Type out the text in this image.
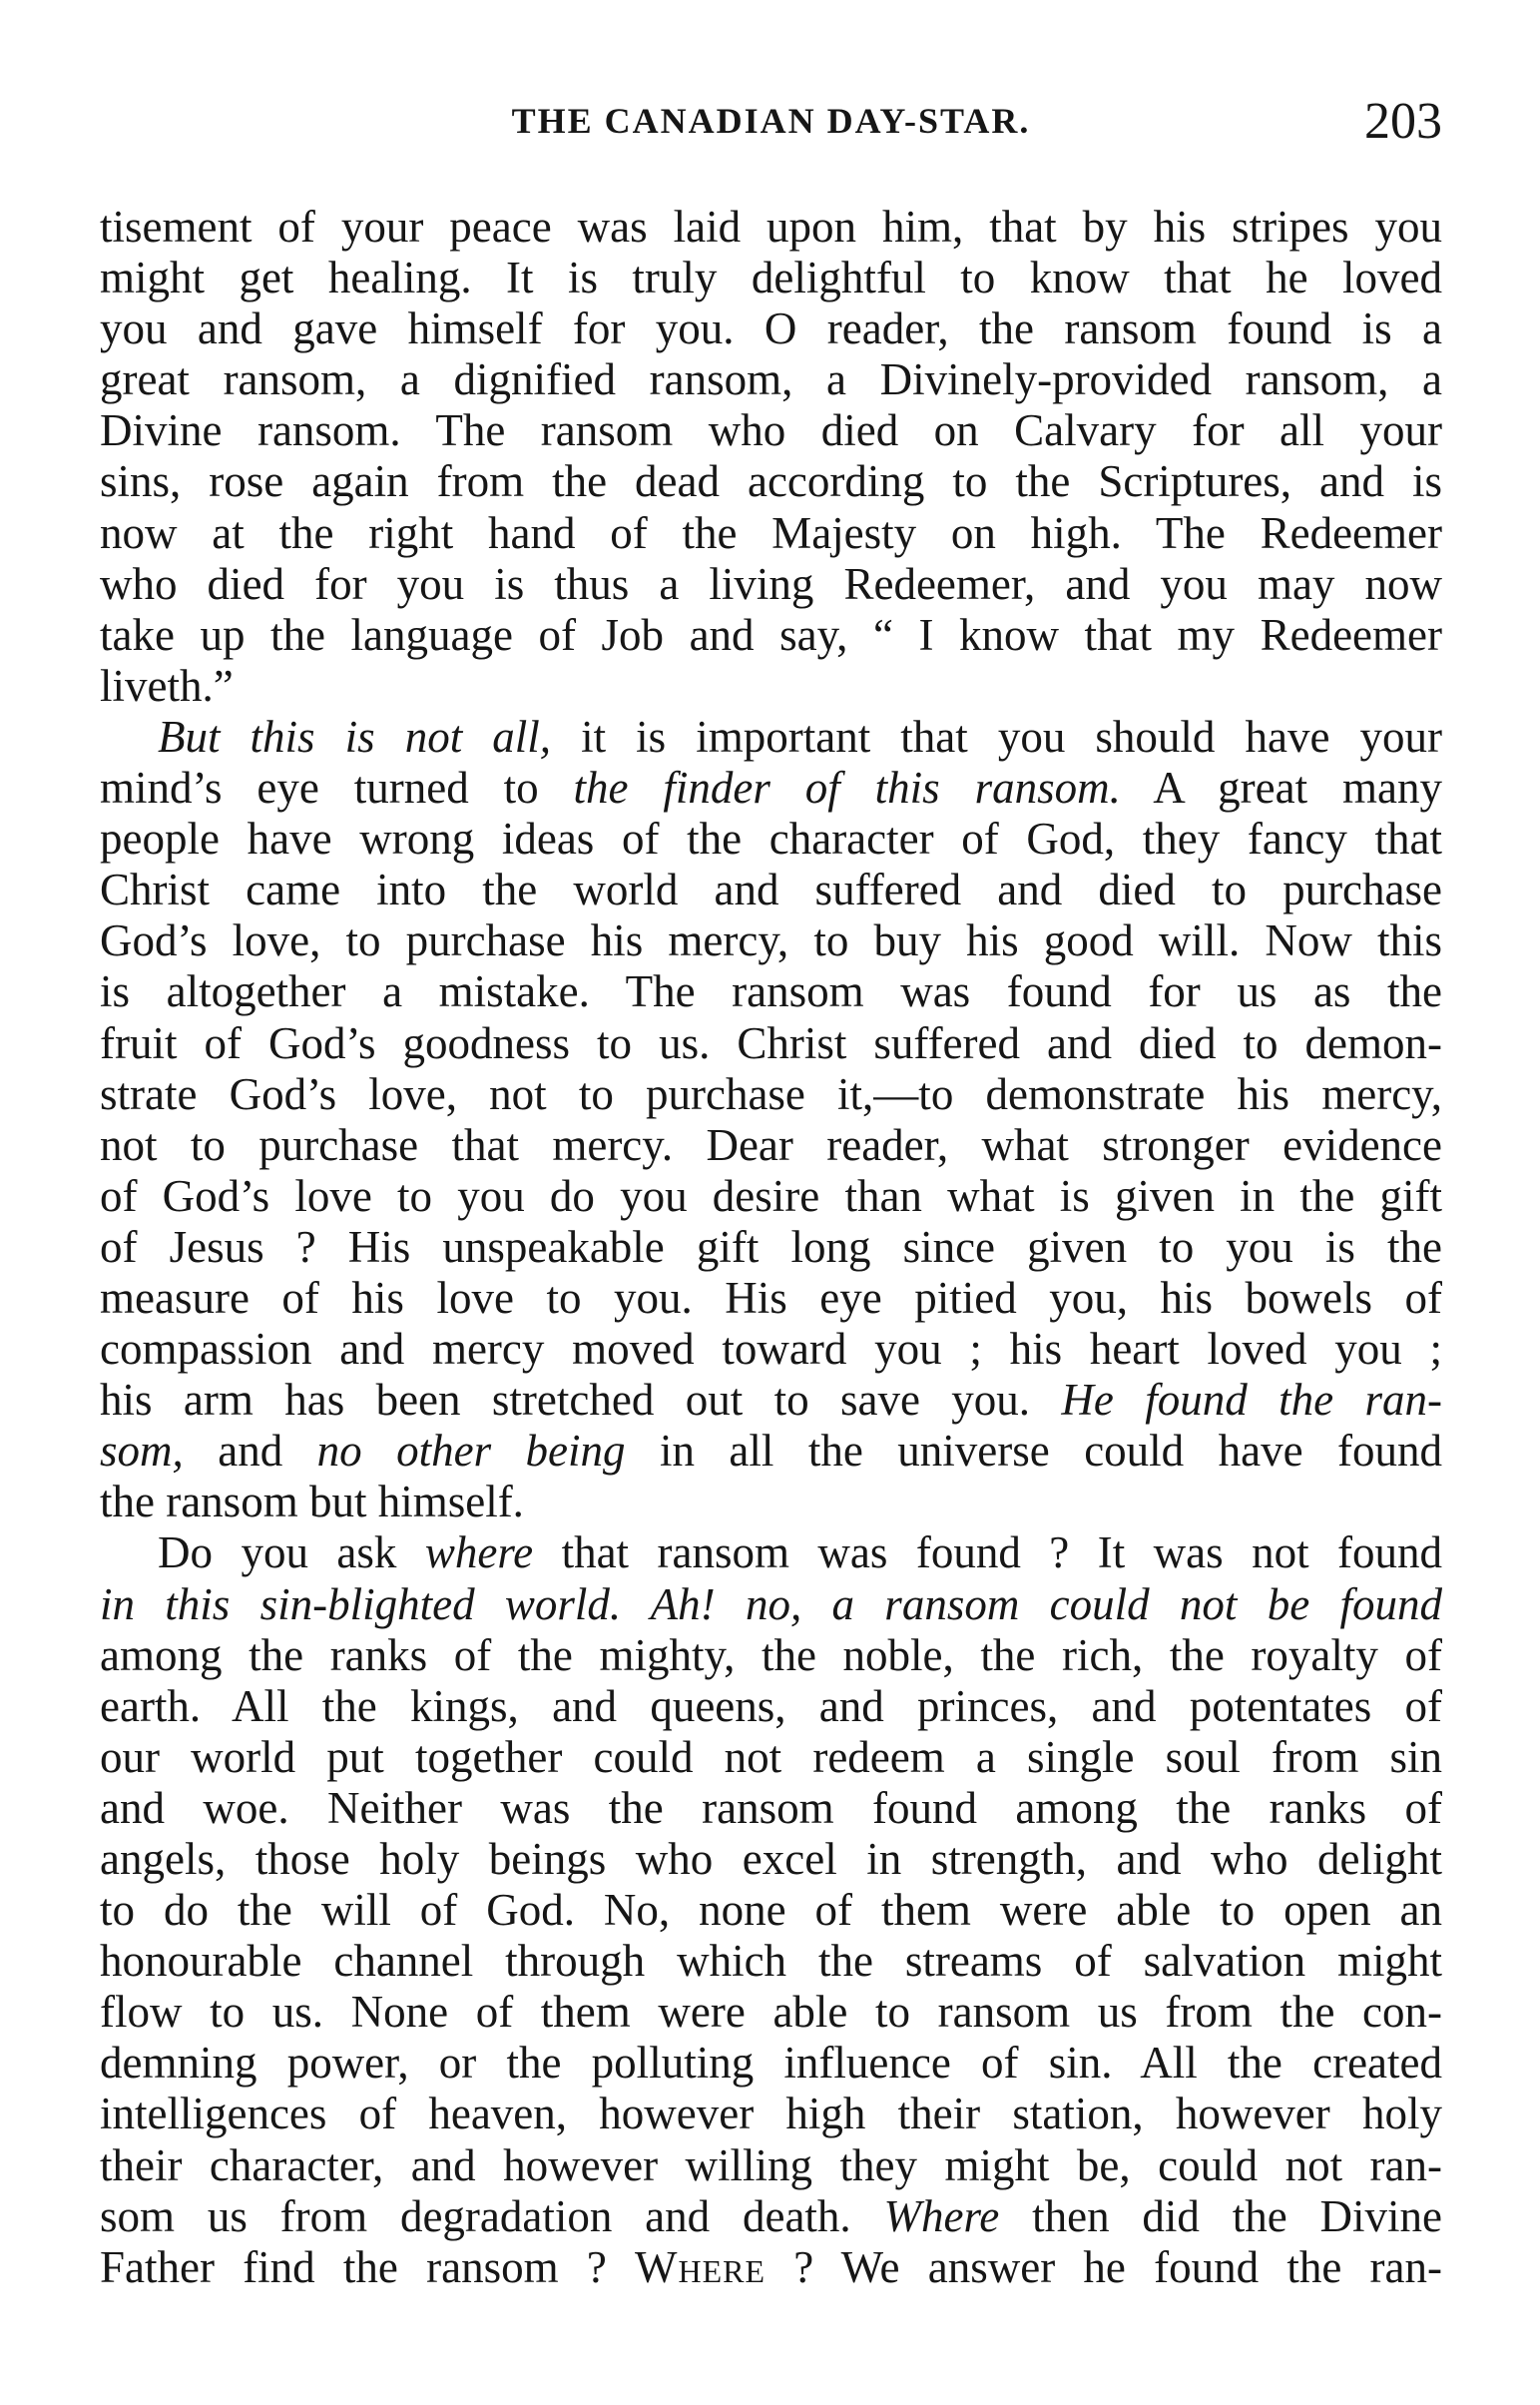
THE CANADIAN DAY-STAR.	203
tisement of your peace was laid upon him, that by his stripes you
might get healing. It is truly delightful to know that he loved
you and gave himself for you. O reader, the ransom found is a
great ransom, a dignified ransom, a Divinely-provided ransom, a
Divine ransom. The ransom who died on Calvary for all your
sins, rose again from the dead according to the Scriptures, and is
now at the right hand of the Majesty on high. The Redeemer
who died for you is thus a living Redeemer, and you may now
take up the language of Job and say, “ I know that my Redeemer
liveth.”
But this is not all, it is important that you should have your
mind’s eye turned to the finder of this ransom. A great many
people have wrong ideas of the character of God, they fancy that
Christ came into the world and suffered and died to purchase
God’s love, to purchase his mercy, to buy his good will. Now this
is altogether a mistake. The ransom was found for us as the
fruit of God’s goodness to us. Christ suffered and died to demon-
strate God’s love, not to purchase it,—to demonstrate his mercy,
not to purchase that mercy. Dear reader, what stronger evidence
of God’s love to you do you desire than what is given in the gift
of Jesus ? His unspeakable gift long since given to you is the
measure of his love to you. His eye pitied you, his bowels of
compassion and mercy moved toward you ; his heart loved you ;
his arm has been stretched out to save you. He found the ran-
som, and no other being in all the universe could have found
the ransom but himself.
Do you ask where that ransom was found ? It was not found
in this sin-blighted world. Ah! no, a ransom could not be found
among the ranks of the mighty, the noble, the rich, the royalty of
earth. All the kings, and queens, and princes, and potentates of
our world put together could not redeem a single soul from sin
and woe. Neither was the ransom found among the ranks of
angels, those holy beings who excel in strength, and who delight
to do the will of God. No, none of them were able to open an
honourable channel through which the streams of salvation might
flow to us. None of them were able to ransom us from the con-
demning power, or the polluting influence of sin. All the created
intelligences of heaven, however high their station, however holy
their character, and however willing they might be, could not ran-
som us from degradation and death. Where then did the Divine
Father find the ransom ? Where ? We answer he found the ran-
